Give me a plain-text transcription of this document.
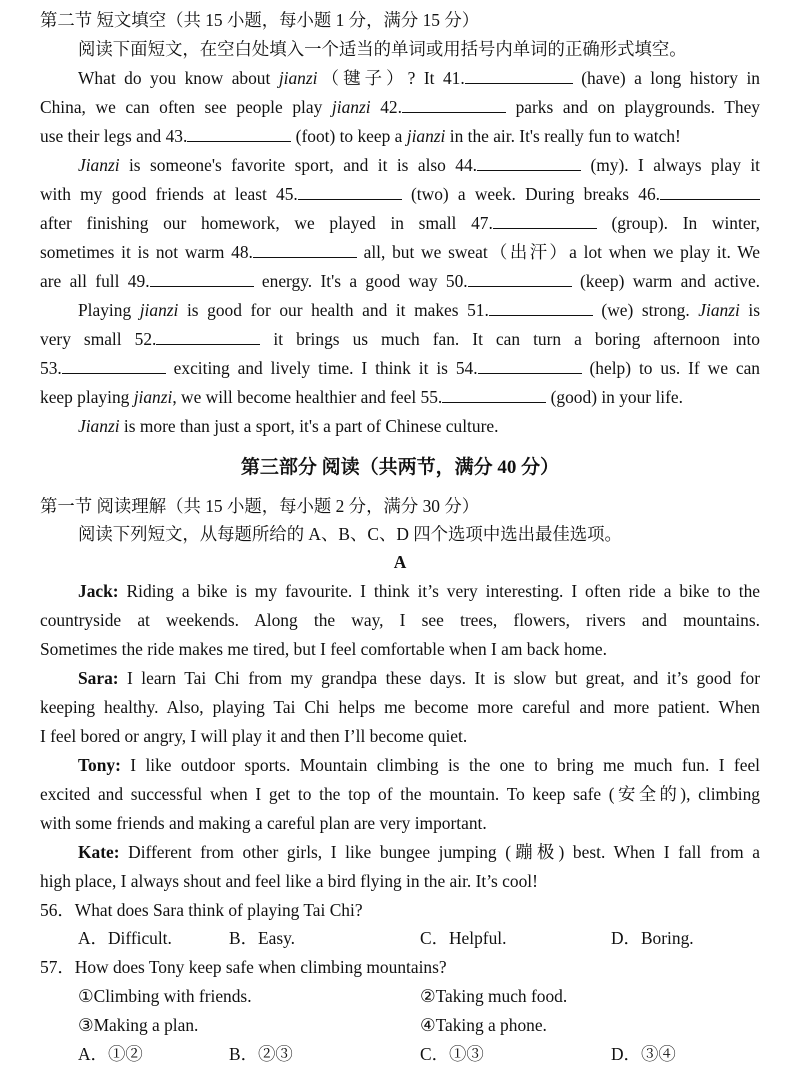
第二节 短文填空（共 15 小题，每小题 1 分，满分 15 分）
阅读下面短文，在空白处填入一个适当的单词或用括号内单词的正确形式填空。
What do you know about jianzi（毽子）? It 41.	(have) a long history in
China, we can often see people play jianzi 42.	parks and on playgrounds. They
use their legs and 43.	(foot) to keep a jianzi in the air. It's really fun to watch!
Jianzi is someone's favorite sport, and it is also 44.	(my). I always play it
with my good friends at least 45.	(two) a week. During breaks 46.
after finishing our homework, we played in small 47.	(group). In winter,
sometimes it is not warm 48.	all, but we sweat（出汗）a lot when we play it. We
are all full 49.	energy. It's a good way 50.	(keep) warm and active.
Playing jianzi is good for our health and it makes 51.	(we) strong. Jianzi is
very small 52.	it brings us much fan. It can turn a boring afternoon into
53.	exciting and lively time. I think it is 54.	(help) to us. If we can
keep playing jianzi, we will become healthier and feel 55.	(good) in your life.
Jianzi is more than just a sport, it's a part of Chinese culture.
第三部分 阅读（共两节，满分 40 分）
第一节 阅读理解（共 15 小题，每小题 2 分，满分 30 分）
阅读下列短文，从每题所给的 A、B、C、D 四个选项中选出最佳选项。
A
Jack: Riding a bike is my favourite. I think it’s very interesting. I often ride a bike to the
countryside at weekends. Along the way, I see trees, flowers, rivers and mountains.
Sometimes the ride makes me tired, but I feel comfortable when I am back home.
Sara: I learn Tai Chi from my grandpa these days. It is slow but great, and it’s good for
keeping healthy. Also, playing Tai Chi helps me become more careful and more patient. When
I feel bored or angry, I will play it and then I’ll become quiet.
Tony: I like outdoor sports. Mountain climbing is the one to bring me much fun. I feel
excited and successful when I get to the top of the mountain. To keep safe (安全的), climbing
with some friends and making a careful plan are very important.
Kate: Different from other girls, I like bungee jumping (蹦极) best. When I fall from a
high place, I always shout and feel like a bird flying in the air. It’s cool!
56．What does Sara think of playing Tai Chi?
A．Difficult.	B．Easy.	C．Helpful.	D．Boring.
57．How does Tony keep safe when climbing mountains?
①Climbing with friends.	②Taking much food.
③Making a plan.	④Taking a phone.
A．①②	B．②③	C．①③	D．③④
